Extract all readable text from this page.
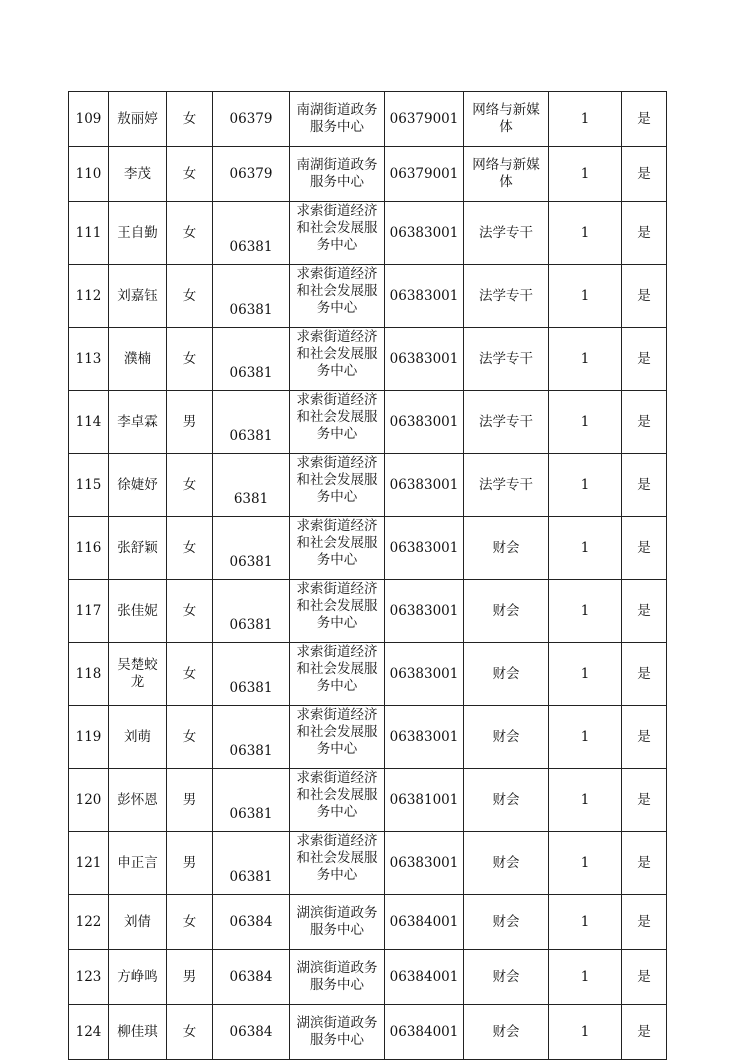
109	敖丽婷	女	06379	南湖街道政务服务中心	06379001	网络与新媒体	1	是
110	李茂	女	06379	南湖街道政务服务中心	06379001	网络与新媒体	1	是
111	王自勤	女	06381	求索街道经济和社会发展服务中心	06383001	法学专干	1	是
112	刘嘉钰	女	06381	求索街道经济和社会发展服务中心	06383001	法学专干	1	是
113	濮楠	女	06381	求索街道经济和社会发展服务中心	06383001	法学专干	1	是
114	李卓霖	男	06381	求索街道经济和社会发展服务中心	06383001	法学专干	1	是
115	徐婕妤	女	6381	求索街道经济和社会发展服务中心	06383001	法学专干	1	是
116	张舒颖	女	06381	求索街道经济和社会发展服务中心	06383001	财会	1	是
117	张佳妮	女	06381	求索街道经济和社会发展服务中心	06383001	财会	1	是
118	吴楚蛟龙	女	06381	求索街道经济和社会发展服务中心	06383001	财会	1	是
119	刘萌	女	06381	求索街道经济和社会发展服务中心	06383001	财会	1	是
120	彭怀恩	男	06381	求索街道经济和社会发展服务中心	06381001	财会	1	是
121	申正言	男	06381	求索街道经济和社会发展服务中心	06383001	财会	1	是
122	刘倩	女	06384	湖滨街道政务服务中心	06384001	财会	1	是
123	方峥鸣	男	06384	湖滨街道政务服务中心	06384001	财会	1	是
124	柳佳琪	女	06384	湖滨街道政务服务中心	06384001	财会	1	是
